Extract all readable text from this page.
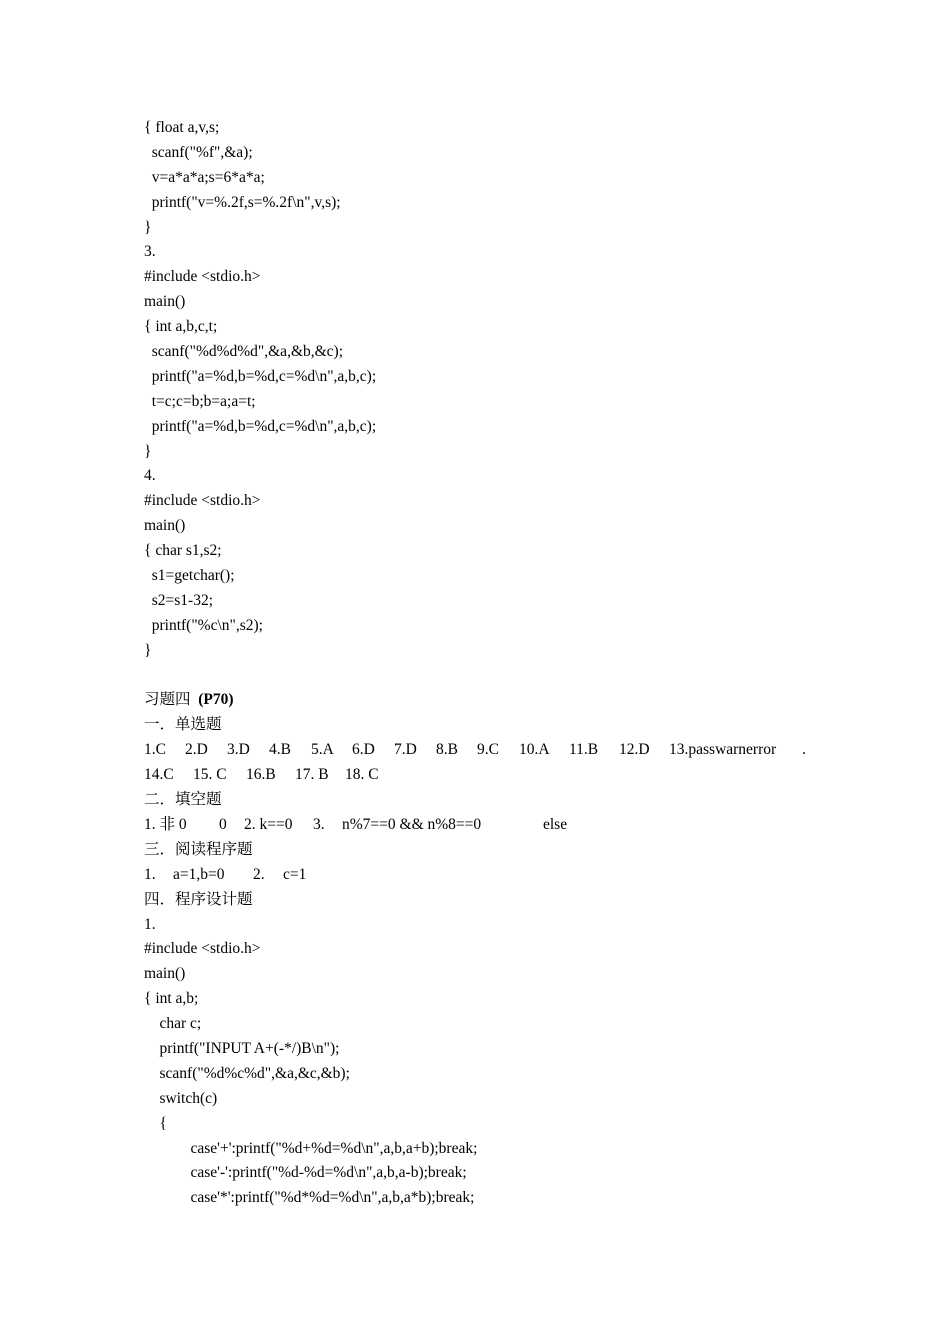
{ float a,v,s;
scanf("%f",&a);
v=a*a*a;s=6*a*a;
printf("v=%.2f,s=%.2f\n",v,s);
}
3.
#include <stdio.h>
main()
{ int a,b,c,t;
scanf("%d%d%d",&a,&b,&c);
printf("a=%d,b=%d,c=%d\n",a,b,c);
t=c;c=b;b=a;a=t;
printf("a=%d,b=%d,c=%d\n",a,b,c);
}
4.
#include <stdio.h>
main()
{ char s1,s2;
s1=getchar();
s2=s1-32;
printf("%c\n",s2);
}
习题四 (P70)
一．单选题

1.C

2.D

3.D

4.B

5.A

6.D

7.D

8.B

9.C

10.A

11.B

12.D

13.passwarnerror

.

14.C

15. C

16.B

17. B

18. C

二．填空题

1. 非 0

0

2. k==0

3.

n%7==0 && n%8==0

	else

三．阅读程序题

1.

a=1,b=0

2.

c=1

四．程序设计题
1.
#include <stdio.h>
main()
{ int a,b;
char c;
printf("INPUT A+(-*/)B\n");
scanf("%d%c%d",&a,&c,&b);
switch(c)
{
case'+':printf("%d+%d=%d\n",a,b,a+b);break;
case'-':printf("%d-%d=%d\n",a,b,a-b);break;
case'*':printf("%d*%d=%d\n",a,b,a*b);break;
